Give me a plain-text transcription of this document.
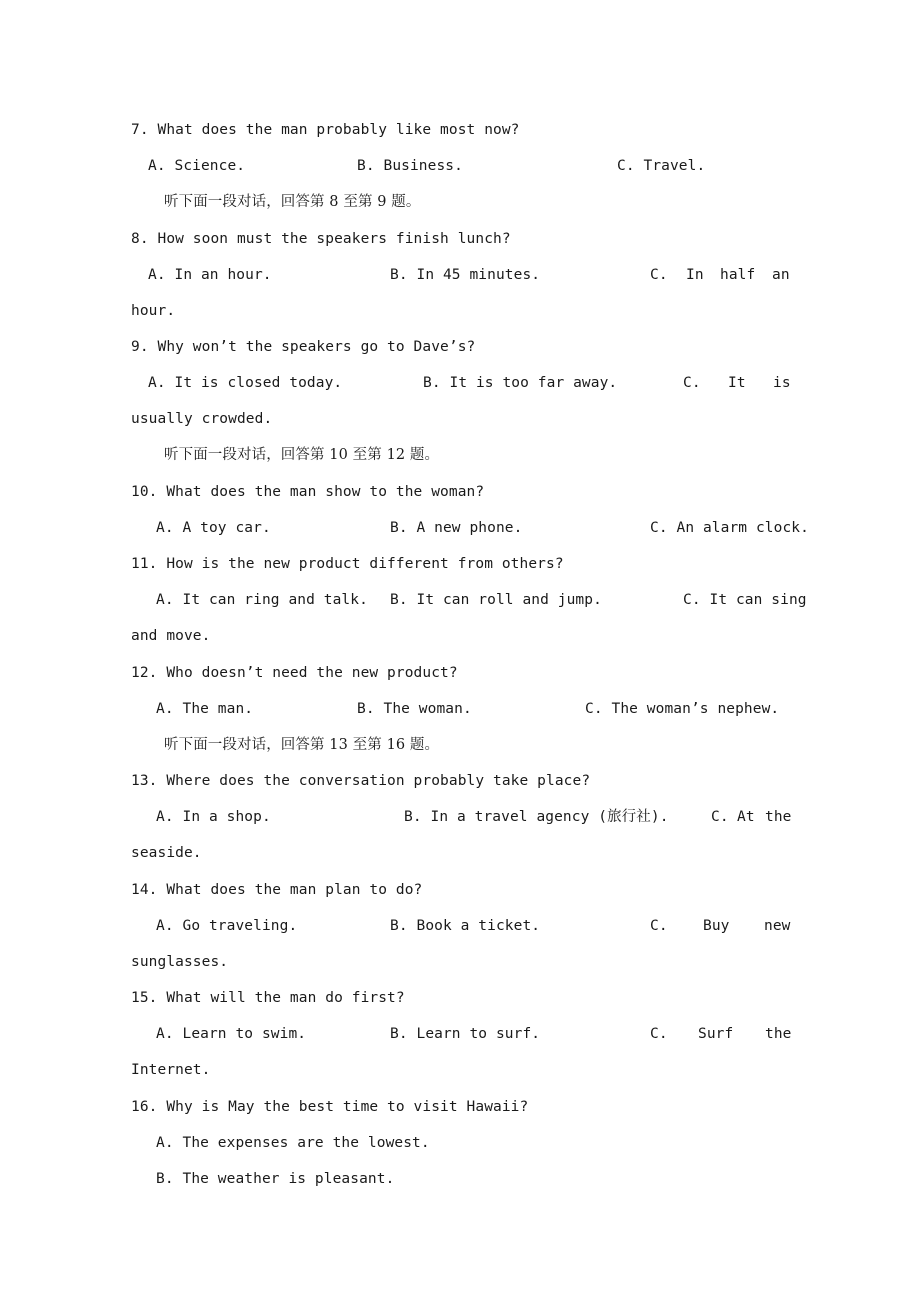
7. What does the man probably like most now?

A. Science.

	B. Business.

	C. Travel.

听下面一段对话，回答第 8 至第 9 题。
8. How soon must the speakers finish lunch?

A. In an hour.

	B. In 45 minutes.

	C.

In

half

an

hour.
9. Why won’t the speakers go to Dave’s?

A. It is closed today.

	B. It is too far away.

	C.

It

is

usually crowded.
听下面一段对话，回答第 10 至第 12 题。
10. What does the man show to the woman?

A. A toy car.

	B. A new phone.

	C. An alarm clock.

11. How is the new product different from others?

A. It can ring and talk.

B. It can roll and jump.

	C. It can sing

and move.
12. Who doesn’t need the new product?

A. The man.

	B. The woman.

	C. The woman’s nephew.

听下面一段对话，回答第 13 至第 16 题。
13. Where does the conversation probably take place?

A. In a shop.

	B. In a travel agency (旅行社).

	C.

At

the

seaside.
14. What does the man plan to do?

A. Go traveling.

	B. Book a ticket.

	C.

Buy

new

sunglasses.
15. What will the man do first?

A. Learn to swim.

	B. Learn to surf.

	C.

Surf

the

Internet.
16. Why is May the best time to visit Hawaii?
A. The expenses are the lowest.
B. The weather is pleasant.
